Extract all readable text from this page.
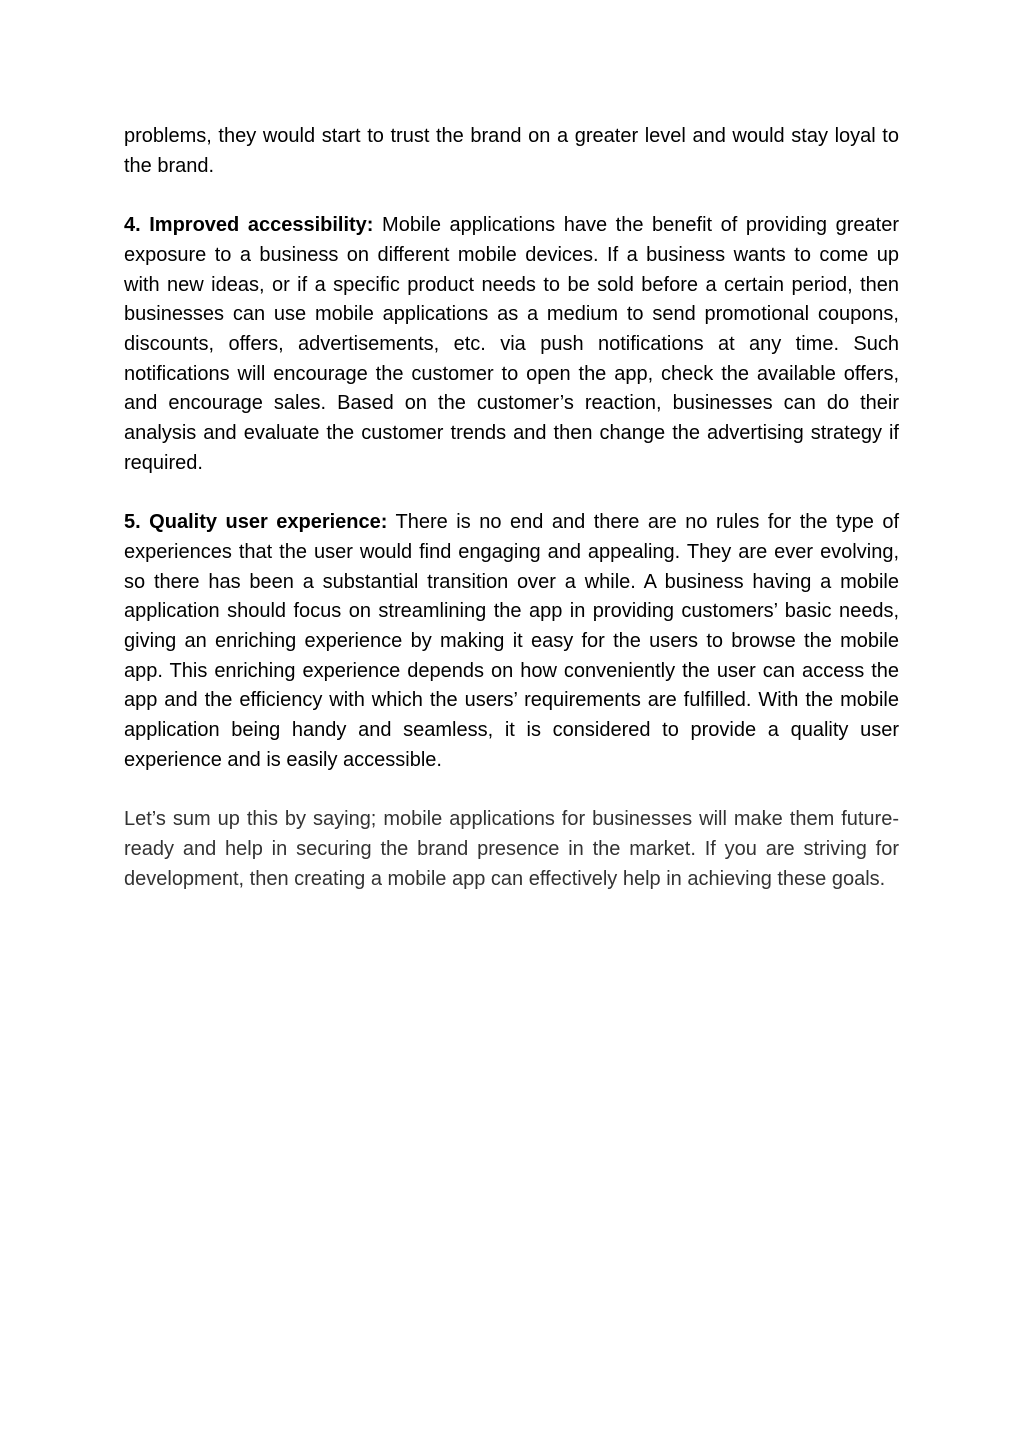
problems, they would start to trust the brand on a greater level and would stay loyal to the brand.

4. Improved accessibility: Mobile applications have the benefit of providing greater exposure to a business on different mobile devices. If a business wants to come up with new ideas, or if a specific product needs to be sold before a certain period, then businesses can use mobile applications as a medium to send promotional coupons, discounts, offers, advertisements, etc. via push notifications at any time. Such notifications will encourage the customer to open the app, check the available offers, and encourage sales. Based on the customer’s reaction, businesses can do their analysis and evaluate the customer trends and then change the advertising strategy if required.

5. Quality user experience: There is no end and there are no rules for the type of experiences that the user would find engaging and appealing. They are ever evolving, so there has been a substantial transition over a while. A business having a mobile application should focus on streamlining the app in providing customers’ basic needs, giving an enriching experience by making it easy for the users to browse the mobile app. This enriching experience depends on how conveniently the user can access the app and the efficiency with which the users’ requirements are fulfilled. With the mobile application being handy and seamless, it is considered to provide a quality user experience and is easily accessible.

Let’s sum up this by saying; mobile applications for businesses will make them future-ready and help in securing the brand presence in the market. If you are striving for development, then creating a mobile app can effectively help in achieving these goals.
